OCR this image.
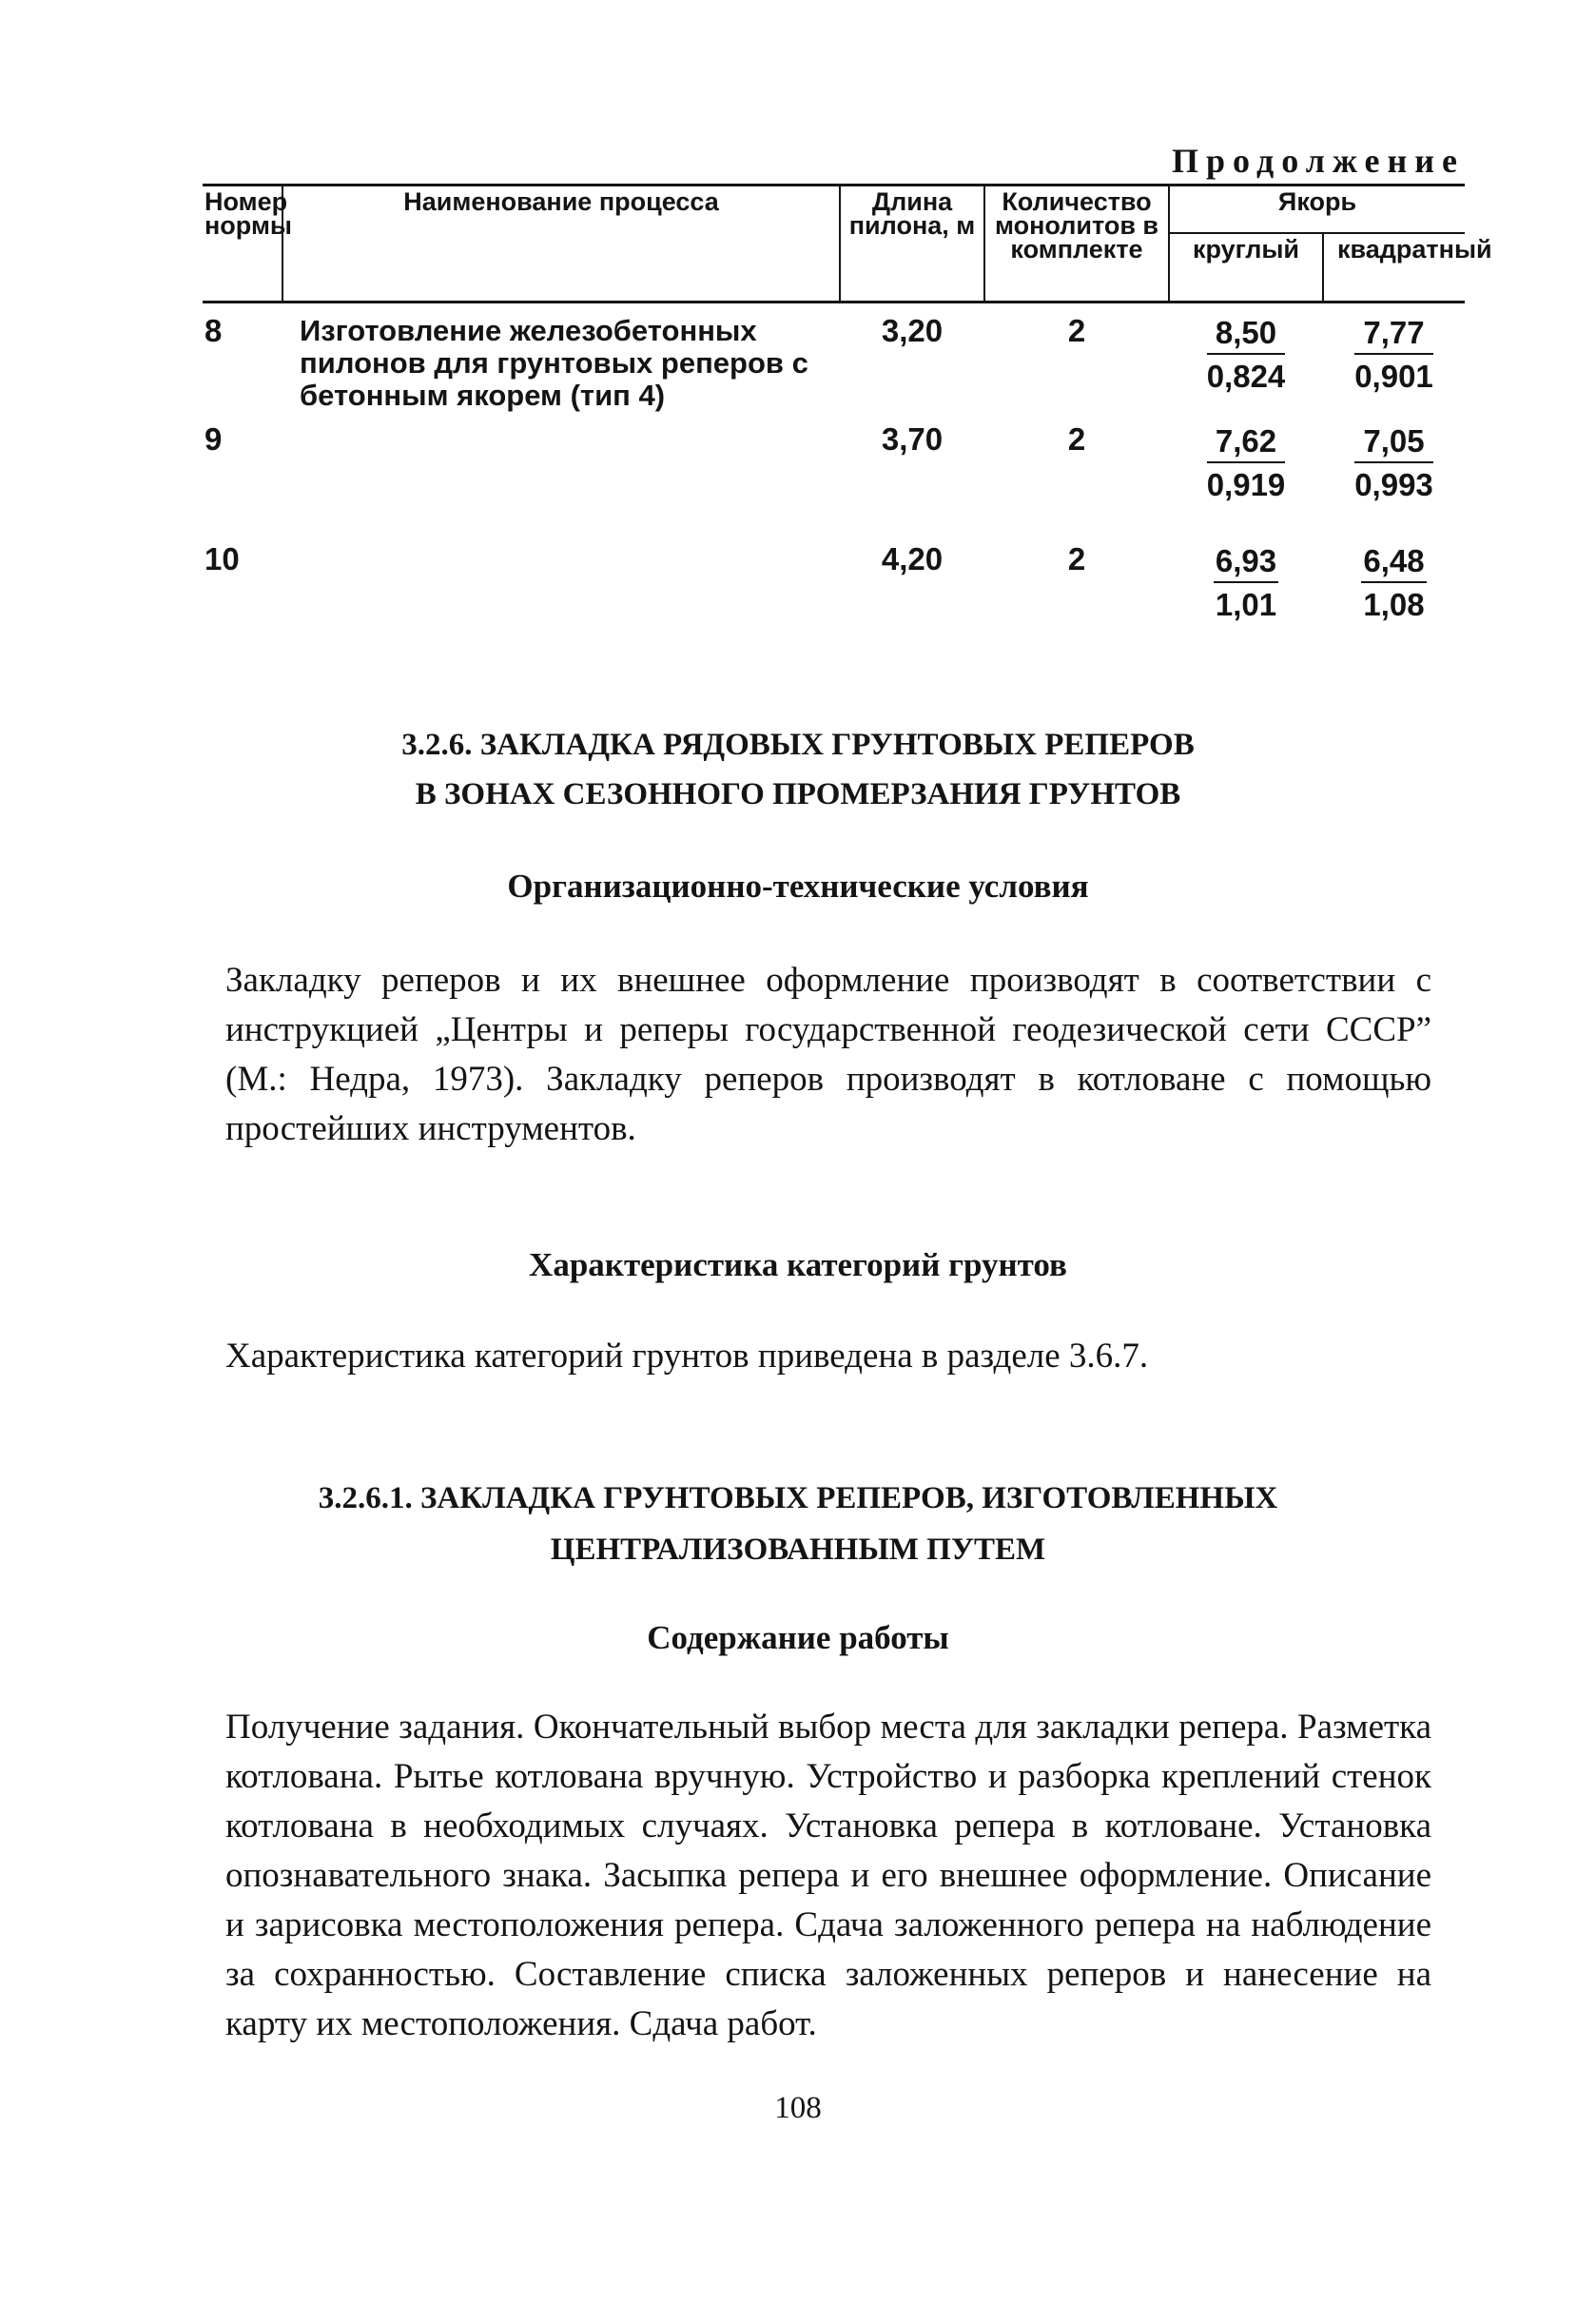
Продолжение
Номер нормы	Наименование процесса	Длина пилона, м	Количество монолитов в комплекте	Якорь	
				круглый	квадратный
8	Изготовление железобетонных пилонов для грунтовых реперов с бетонным якорем (тип 4)	3,20	2	$\frac{8,50}{0,824}$	$\frac{7,77}{0,901}$

9		3,70	2	$\frac{7,62}{0,919}$	$\frac{7,05}{0,993}$

10		4,20	2	$\frac{6,93}{1,01}$	$\frac{6,48}{1,08}$
3.2.6. ЗАКЛАДКА РЯДОВЫХ ГРУНТОВЫХ РЕПЕРОВ
В ЗОНАХ СЕЗОННОГО ПРОМЕРЗАНИЯ ГРУНТОВ
Организационно-технические условия

Закладку реперов и их внешнее оформление производят в соответствии с инструкцией „Центры и реперы государственной геодезической сети СССР” (М.: Недра, 1973). Закладку реперов производят в котловане с помощью простейших инструментов.

Характеристика категорий грунтов

Характеристика категорий грунтов приведена в разделе 3.6.7.

3.2.6.1. ЗАКЛАДКА ГРУНТОВЫХ РЕПЕРОВ, ИЗГОТОВЛЕННЫХ
ЦЕНТРАЛИЗОВАННЫМ ПУТЕМ
Содержание работы

Получение задания. Окончательный выбор места для закладки репера. Разметка котлована. Рытье котлована вручную. Устройство и разборка креплений стенок котлована в необходимых случаях. Установка репера в котловане. Установка опознавательного знака. Засыпка репера и его внешнее оформление. Описание и зарисовка местоположения репера. Сдача заложенного репера на наблюдение за сохранностью. Составление списка заложенных реперов и нанесение на карту их местоположения. Сдача работ.

108
